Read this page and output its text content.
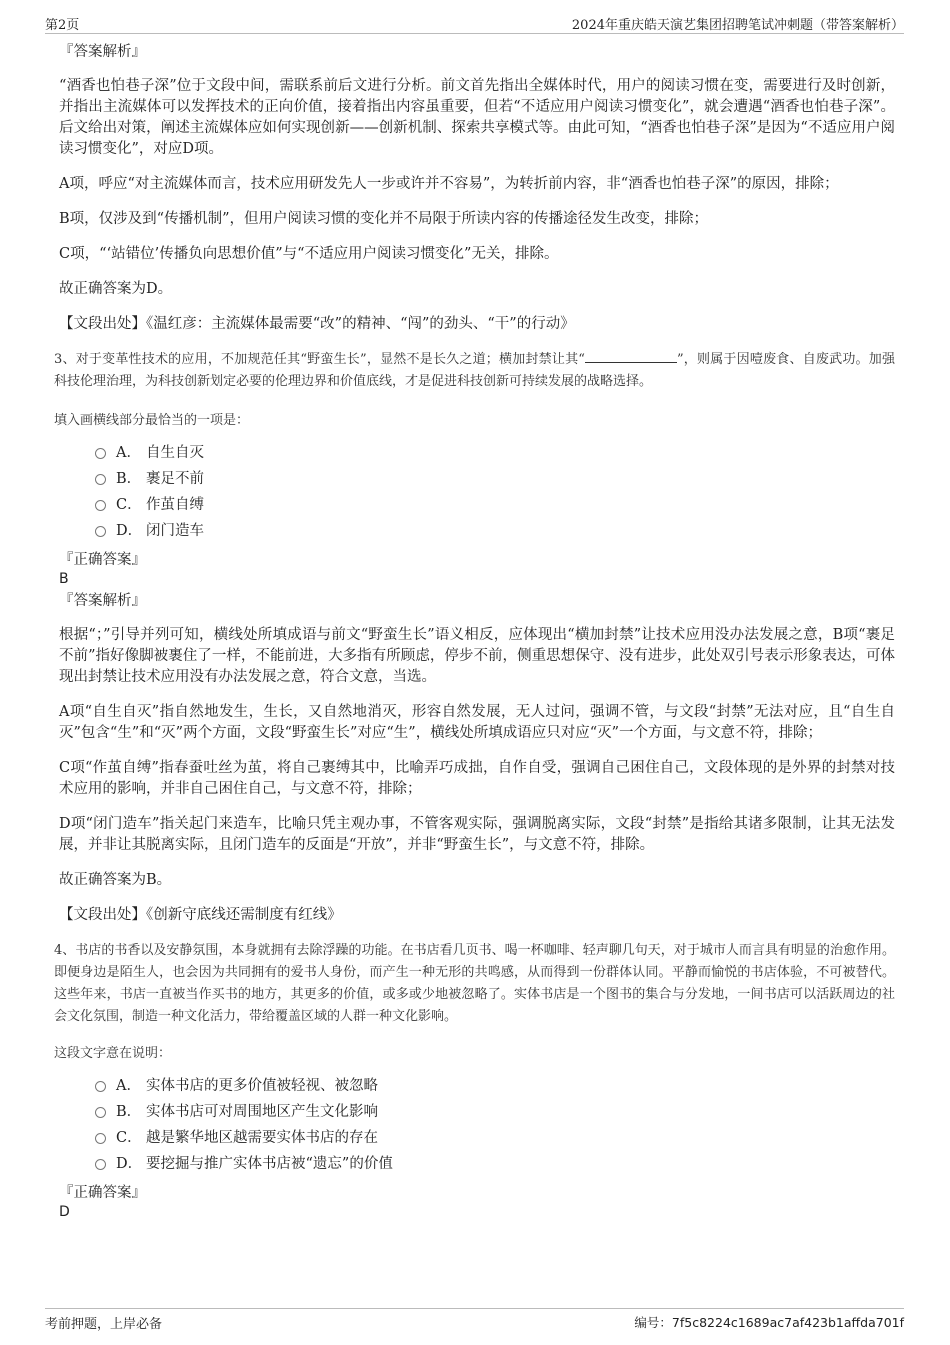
第2页	2024年重庆皓天演艺集团招聘笔试冲刺题（带答案解析）

『答案解析』

“酒香也怕巷子深”位于文段中间，需联系前后文进行分析。前文首先指出全媒体时代，用户的阅读习惯在变，需要进行及时创新，并指出主流媒体可以发挥技术的正向价值，接着指出内容虽重要，但若“不适应用户阅读习惯变化”，就会遭遇“酒香也怕巷子深”。后文给出对策，阐述主流媒体应如何实现创新——创新机制、探索共享模式等。由此可知，“酒香也怕巷子深”是因为“不适应用户阅读习惯变化”，对应D项。

A项，呼应“对主流媒体而言，技术应用研发先人一步或许并不容易”，为转折前内容，非“酒香也怕巷子深”的原因，排除；

B项，仅涉及到“传播机制”，但用户阅读习惯的变化并不局限于所读内容的传播途径发生改变，排除；

C项，“‘站错位’传播负向思想价值”与“不适应用户阅读习惯变化”无关，排除。

故正确答案为D。

【文段出处】《温红彦：主流媒体最需要“改”的精神、“闯”的劲头、“干”的行动》

3、对于变革性技术的应用，不加规范任其“野蛮生长”，显然不是长久之道；横加封禁让其“	”，则属于因噎废食、自废武功。加强科技伦理治理，为科技创新划定必要的伦理边界和价值底线，才是促进科技创新可持续发展的战略选择。

填入画横线部分最恰当的一项是：

A． 自生自灭
B． 裹足不前
C． 作茧自缚
D． 闭门造车

『正确答案』

B

『答案解析』

根据“；”引导并列可知，横线处所填成语与前文“野蛮生长”语义相反，应体现出“横加封禁”让技术应用没办法发展之意，B项“裹足不前”指好像脚被裹住了一样，不能前进，大多指有所顾虑，停步不前，侧重思想保守、没有进步，此处双引号表示形象表达，可体现出封禁让技术应用没有办法发展之意，符合文意，当选。

A项“自生自灭”指自然地发生，生长，又自然地消灭，形容自然发展，无人过问，强调不管，与文段“封禁”无法对应，且“自生自灭”包含“生”和“灭”两个方面，文段“野蛮生长”对应“生”，横线处所填成语应只对应“灭”一个方面，与文意不符，排除；

C项“作茧自缚”指春蚕吐丝为茧，将自己裹缚其中，比喻弄巧成拙，自作自受，强调自己困住自己，文段体现的是外界的封禁对技术应用的影响，并非自己困住自己，与文意不符，排除；

D项“闭门造车”指关起门来造车，比喻只凭主观办事，不管客观实际，强调脱离实际，文段“封禁”是指给其诸多限制，让其无法发展，并非让其脱离实际，且闭门造车的反面是“开放”，并非“野蛮生长”，与文意不符，排除。

故正确答案为B。

【文段出处】《创新守底线还需制度有红线》

4、书店的书香以及安静氛围，本身就拥有去除浮躁的功能。在书店看几页书、喝一杯咖啡、轻声聊几句天，对于城市人而言具有明显的治愈作用。即便身边是陌生人，也会因为共同拥有的爱书人身份，而产生一种无形的共鸣感，从而得到一份群体认同。平静而愉悦的书店体验，不可被替代。这些年来，书店一直被当作买书的地方，其更多的价值，或多或少地被忽略了。实体书店是一个图书的集合与分发地，一间书店可以活跃周边的社会文化氛围，制造一种文化活力，带给覆盖区域的人群一种文化影响。

这段文字意在说明：

A． 实体书店的更多价值被轻视、被忽略
B． 实体书店可对周围地区产生文化影响
C． 越是繁华地区越需要实体书店的存在
D． 要挖掘与推广实体书店被“遗忘”的价值

『正确答案』

D

考前押题，上岸必备	编号：7f5c8224c1689ac7af423b1affda701f
